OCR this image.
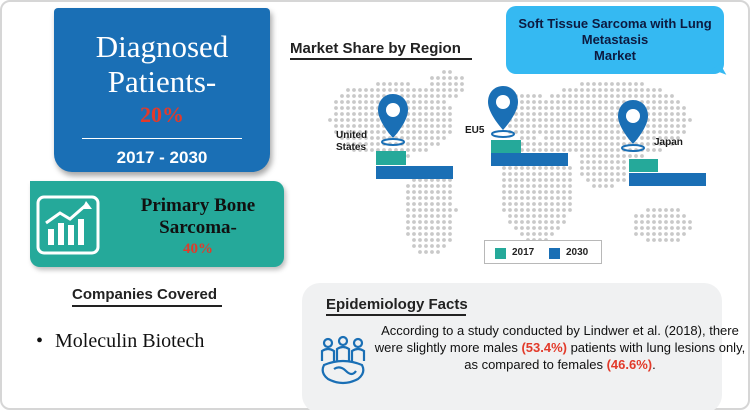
Diagnosed
Patients-
20%
2017 - 2030
Primary Bone
Sarcoma-
40%
Companies Covered
• Moleculin Biotech
Market Share by Region
United States
EU5
Japan
2017	2030
Soft Tissue Sarcoma with Lung
Metastasis
Market
Epidemiology Facts
According to a study conducted by Lindwer et al. (2018), there were slightly more males (53.4%) patients with lung lesions only, as compared to females (46.6%).
